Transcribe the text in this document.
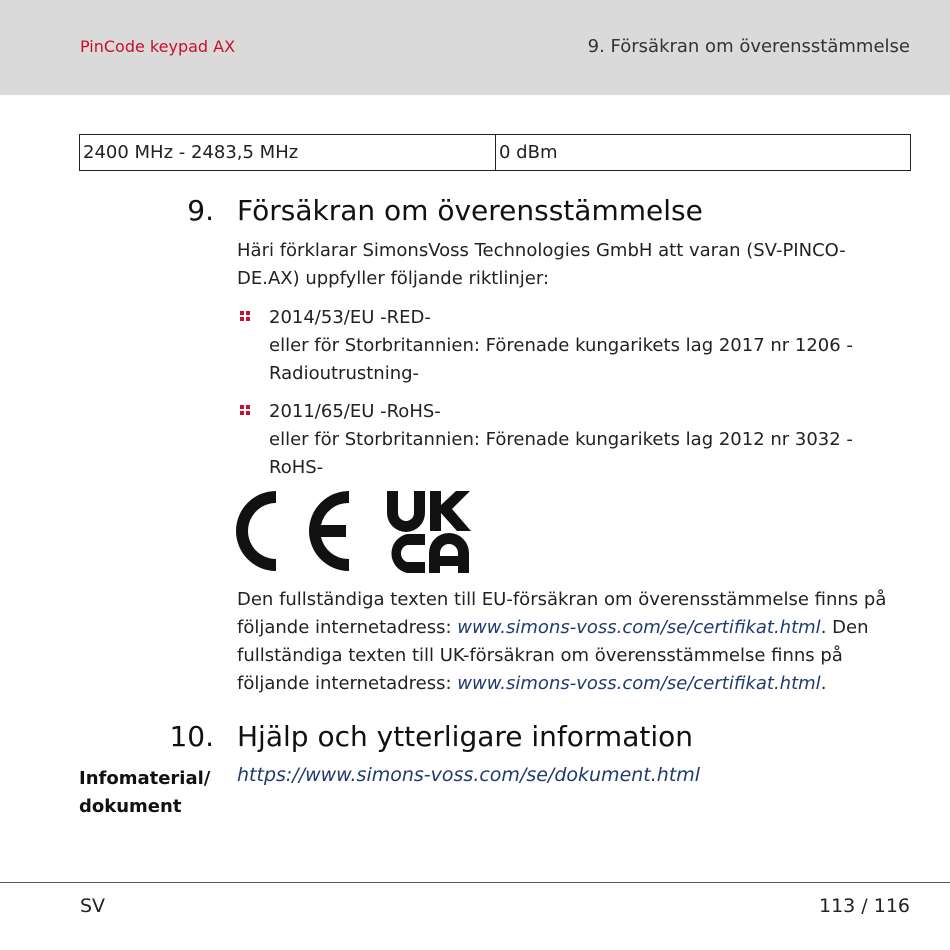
PinCode keypad AX	9. Försäkran om överensstämmelse
2400 MHz - 2483,5 MHz	0 dBm
9. Försäkran om överensstämmelse
Häri förklarar SimonsVoss Technologies GmbH att varan (SV-PINCO-DE.AX) uppfyller följande riktlinjer:
2014/53/EU -RED-
eller för Storbritannien: Förenade kungarikets lag 2017 nr 1206 -Radioutrustning-
2011/65/EU -RoHS-
eller för Storbritannien: Förenade kungarikets lag 2012 nr 3032 -RoHS-
Den fullständiga texten till EU-försäkran om överensstämmelse finns på följande internetadress: www.simons-voss.com/se/certifikat.html. Den fullständiga texten till UK-försäkran om överensstämmelse finns på följande internetadress: www.simons-voss.com/se/certifikat.html.
10. Hjälp och ytterligare information
Infomaterial/ dokument
https://www.simons-voss.com/se/dokument.html
SV	113 / 116
